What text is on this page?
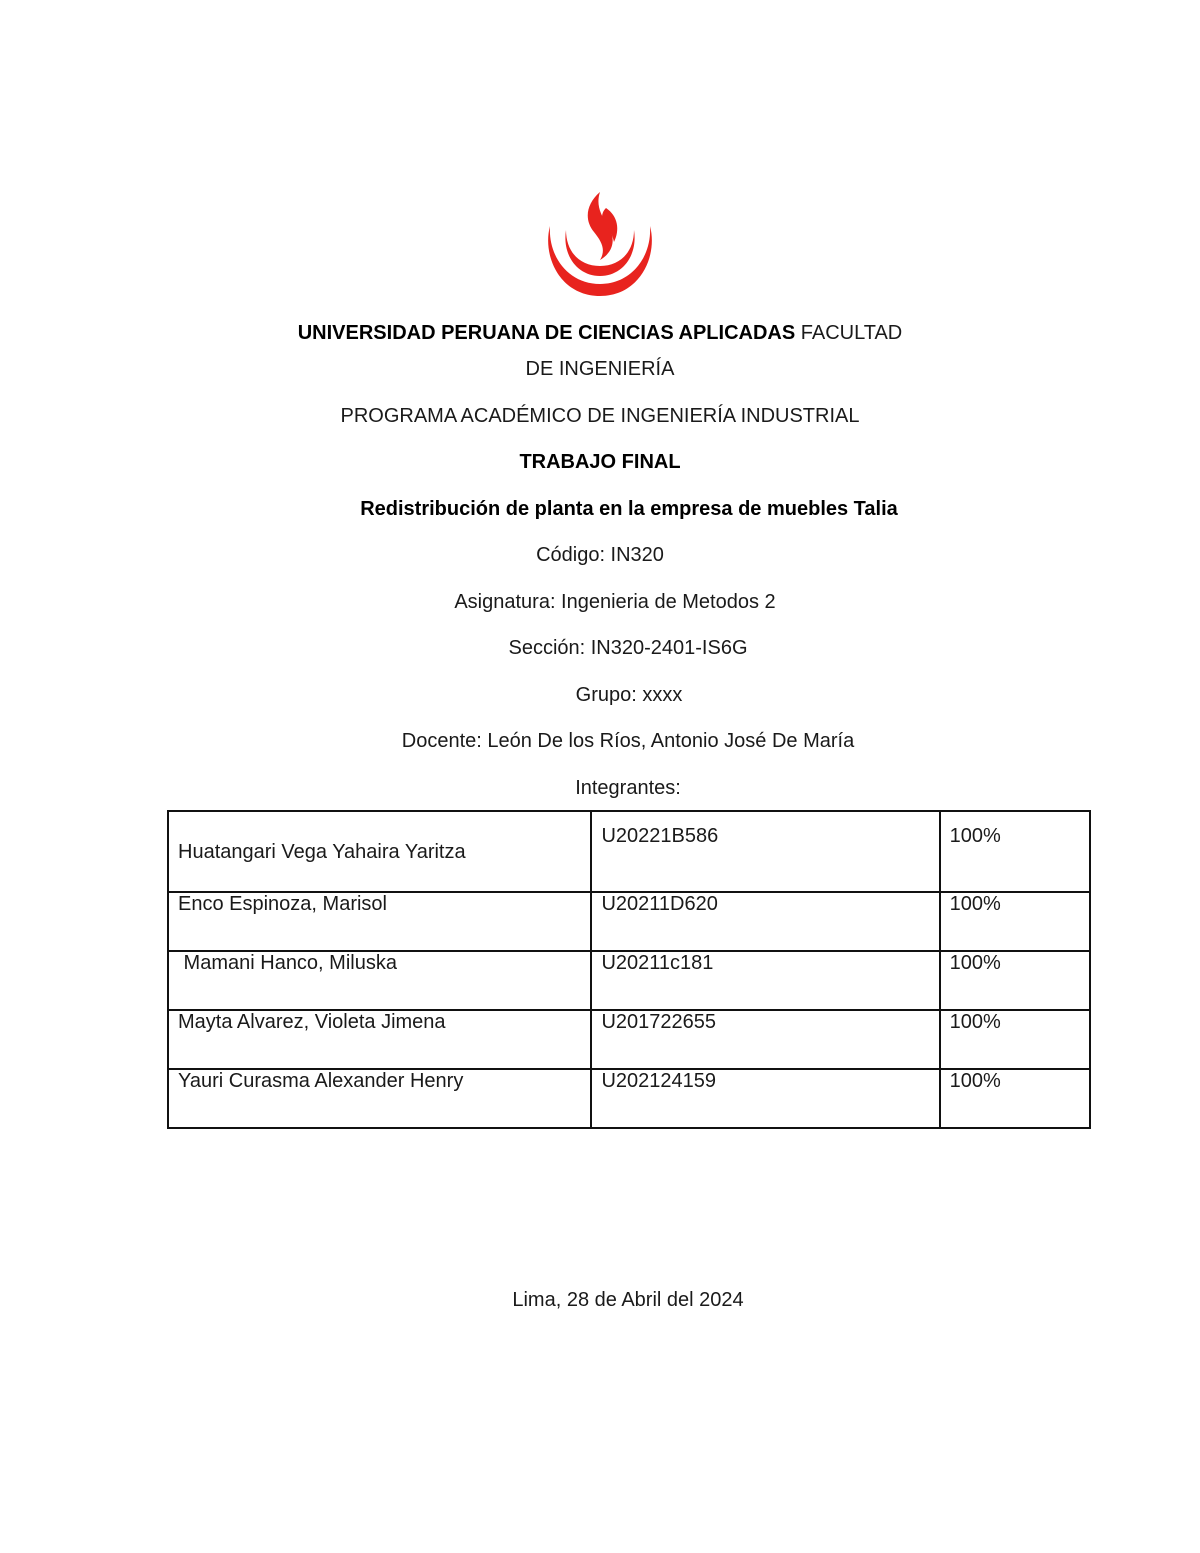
UNIVERSIDAD PERUANA DE CIENCIAS APLICADAS FACULTAD
DE INGENIERÍA
PROGRAMA ACADÉMICO DE INGENIERÍA INDUSTRIAL
TRABAJO FINAL
Redistribución de planta en la empresa de muebles Talia
Código: IN320
Asignatura: Ingenieria de Metodos 2
Sección: IN320-2401-IS6G
Grupo: xxxx
Docente: León De los Ríos, Antonio José De María
Integrantes:
Huatangari Vega Yahaira Yaritza	U20221B586	100%
Enco Espinoza, Marisol	U20211D620	100%
Mamani Hanco, Miluska	U20211c181	100%
Mayta Alvarez, Violeta Jimena	U201722655	100%
Yauri Curasma Alexander Henry	U202124159	100%
Lima, 28 de Abril del 2024
